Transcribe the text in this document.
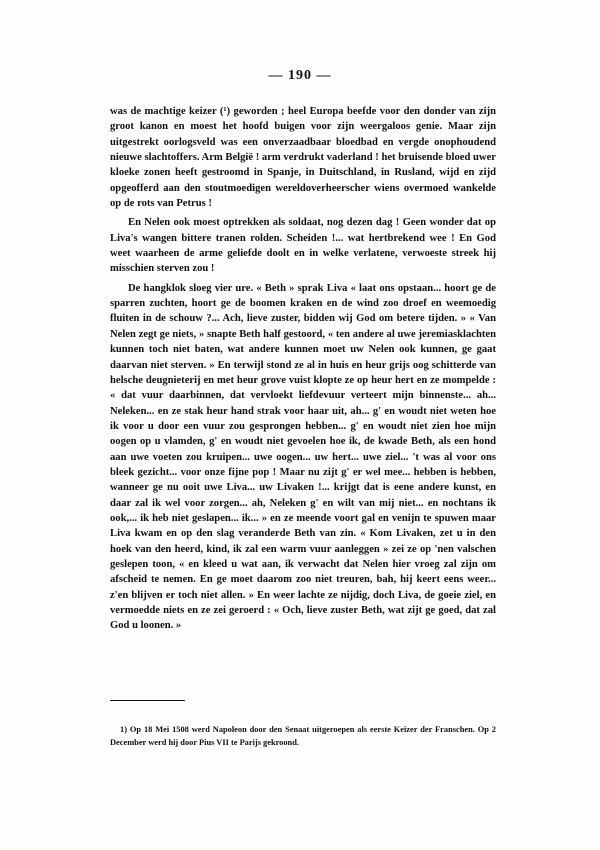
— 190 —

was de machtige keizer (¹) geworden ; heel Europa beefde voor den donder van zijn groot kanon en moest het hoofd buigen voor zijn weergaloos genie. Maar zijn uitgestrekt oorlogsveld was een onverzaadbaar bloedbad en vergde onophoudend nieuwe slachtoffers. Arm België ! arm verdrukt vaderland ! het bruisende bloed uwer kloeke zonen heeft gestroomd in Spanje, in Duitschland, in Rusland, wijd en zijd opgeofferd aan den stoutmoedigen wereldoverheerscher wiens overmoed wankelde op de rots van Petrus !

En Nelen ook moest optrekken als soldaat, nog dezen dag ! Geen wonder dat op Liva's wangen bittere tranen rolden. Scheiden !... wat hertbrekend wee ! En God weet waarheen de arme geliefde doolt en in welke verlatene, verwoeste streek hij misschien sterven zou !

De hangklok sloeg vier ure. « Beth » sprak Liva « laat ons opstaan... hoort ge de sparren zuchten, hoort ge de boomen kraken en de wind zoo droef en weemoedig fluiten in de schouw ?... Ach, lieve zuster, bidden wij God om betere tijden. » « Van Nelen zegt ge niets, » snapte Beth half gestoord, « ten andere al uwe jeremiasklachten kunnen toch niet baten, wat andere kunnen moet uw Nelen ook kunnen, ge gaat daarvan niet sterven. » En terwijl stond ze al in huis en heur grijs oog schitterde van helsche deugnieterij en met heur grove vuist klopte ze op heur hert en ze mompelde : « dat vuur daarbinnen, dat vervloekt liefdevuur verteert mijn binnenste... ah... Neleken... en ze stak heur hand strak voor haar uit, ah... g' en woudt niet weten hoe ik voor u door een vuur zou gesprongen hebben... g' en woudt niet zien hoe mijn oogen op u vlamden, g' en woudt niet gevoelen hoe ik, de kwade Beth, als een hond aan uwe voeten zou kruipen... uwe oogen... uw hert... uwe ziel... 't was al voor ons bleek gezicht... voor onze fijne pop ! Maar nu zijt g' er wel mee... hebben is hebben, wanneer ge nu ooit uwe Liva... uw Livaken !... krijgt dat is eene andere kunst, en daar zal ik wel voor zorgen... ah, Neleken g' en wilt van mij niet... en nochtans ik ook,... ik heb niet geslapen... ik... » en ze meende voort gal en venijn te spuwen maar Liva kwam en op den slag veranderde Beth van zin. « Kom Livaken, zet u in den hoek van den heerd, kind, ik zal een warm vuur aanleggen » zei ze op 'nen valschen geslepen toon, « en kleed u wat aan, ik verwacht dat Nelen hier vroeg zal zijn om afscheid te nemen. En ge moet daarom zoo niet treuren, bah, hij keert eens weer... z'en blijven er toch niet allen. » En weer lachte ze nijdig, doch Liva, de goeie ziel, en vermoedde niets en ze zei geroerd : « Och, lieve zuster Beth, wat zijt ge goed, dat zal God u loonen. »

1) Op 18 Mei 1508 werd Napoleon door den Senaat uitgeroepen als eerste Keizer der Franschen. Op 2 December werd hij door Pius VII te Parijs gekroond.
